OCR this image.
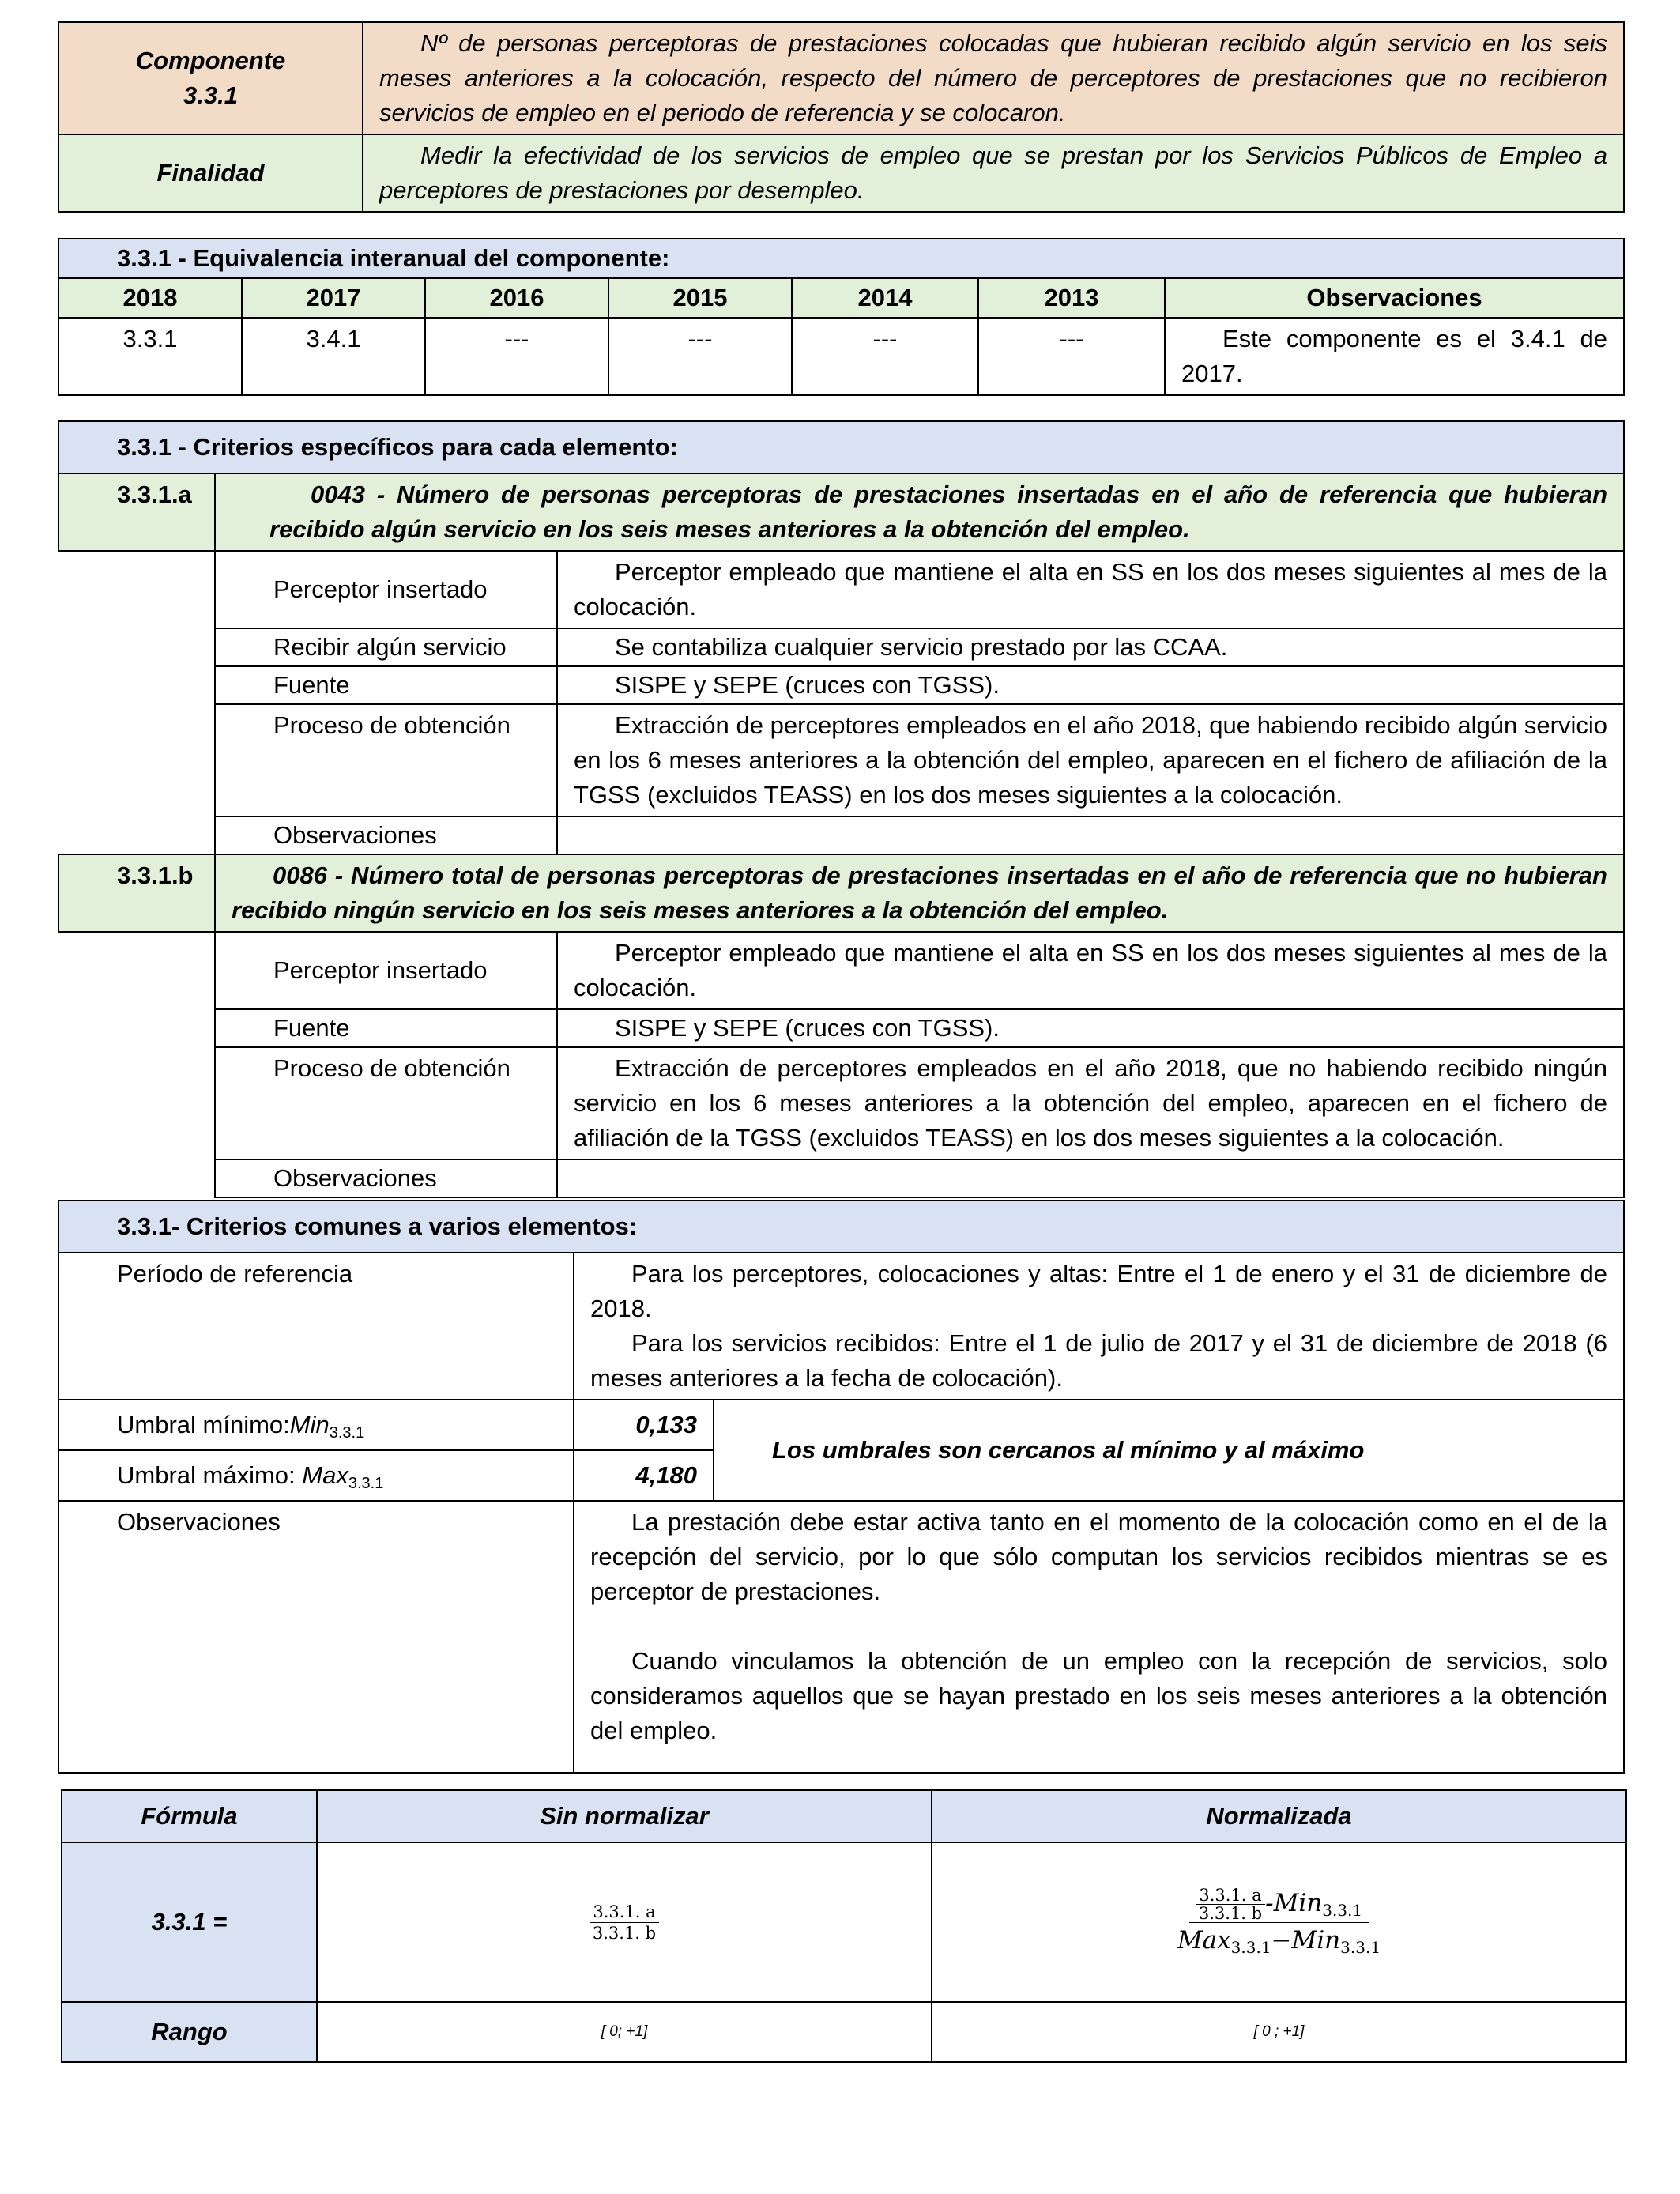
Componente 3.3.1	Nº de personas perceptoras de prestaciones colocadas que hubieran recibido algún servicio en los seis meses anteriores a la colocación, respecto del número de perceptores de prestaciones que no recibieron servicios de empleo en el periodo de referencia y se colocaron.
Finalidad	Medir la efectividad de los servicios de empleo que se prestan por los Servicios Públicos de Empleo a perceptores de prestaciones por desempleo.
3.3.1 - Equivalencia interanual del componente:						
2018	2017	2016	2015	2014	2013	Observaciones
3.3.1	3.4.1	---	---	---	---	Este componente es el 3.4.1 de 2017.
3.3.1 - Criterios específicos para cada elemento:		
3.3.1.a	0043 - Número de personas perceptoras de prestaciones insertadas en el año de referencia que hubieran recibido algún servicio en los seis meses anteriores a la obtención del empleo.	
	Perceptor insertado	Perceptor empleado que mantiene el alta en SS en los dos meses siguientes al mes de la colocación.
	Recibir algún servicio	Se contabiliza cualquier servicio prestado por las CCAA.
	Fuente	SISPE y SEPE (cruces con TGSS).
	Proceso de obtención	Extracción de perceptores empleados en el año 2018, que habiendo recibido algún servicio en los 6 meses anteriores a la obtención del empleo, aparecen en el fichero de afiliación de la TGSS (excluidos TEASS) en los dos meses siguientes a la colocación.
	Observaciones	
3.3.1.b	0086 - Número total de personas perceptoras de prestaciones insertadas en el año de referencia que no hubieran recibido ningún servicio en los seis meses anteriores a la obtención del empleo.	
	Perceptor insertado	Perceptor empleado que mantiene el alta en SS en los dos meses siguientes al mes de la colocación.
	Fuente	SISPE y SEPE (cruces con TGSS).
	Proceso de obtención	Extracción de perceptores empleados en el año 2018, que no habiendo recibido ningún servicio en los 6 meses anteriores a la obtención del empleo, aparecen en el fichero de afiliación de la TGSS (excluidos TEASS) en los dos meses siguientes a la colocación.
	Observaciones	
3.3.1- Criterios comunes a varios elementos:		
Período de referencia	Para los perceptores, colocaciones y altas: Entre el 1 de enero y el 31 de diciembre de 2018.
Para los servicios recibidos: Entre el 1 de julio de 2017 y el 31 de diciembre de 2018 (6 meses anteriores a la fecha de colocación).	

Umbral mínimo:Min$_{3.3.1}$	0,133	Los umbrales son cercanos al mínimo y al máximo
Umbral máximo: Max$_{3.3.1}$	4,180	
Observaciones	La prestación debe estar activa tanto en el momento de la colocación como en el de la recepción del servicio, por lo que sólo computan los servicios recibidos mientras se es perceptor de prestaciones.
Cuando vinculamos la obtención de un empleo con la recepción de servicios, solo consideramos aquellos que se hayan prestado en los seis meses anteriores a la obtención del empleo.	
Fórmula	Sin normalizar	Normalizada
3.3.1 =	$\frac{3.3.1. a}{3.3.1. b}$	$\frac{\frac{3.3.1. a}{3.3.1. b} -Min_{3.3.1}}{Max_{3.3.1}-Min_{3.3.1}}$

Rango	[ 0; +1]	[ 0 ; +1]
